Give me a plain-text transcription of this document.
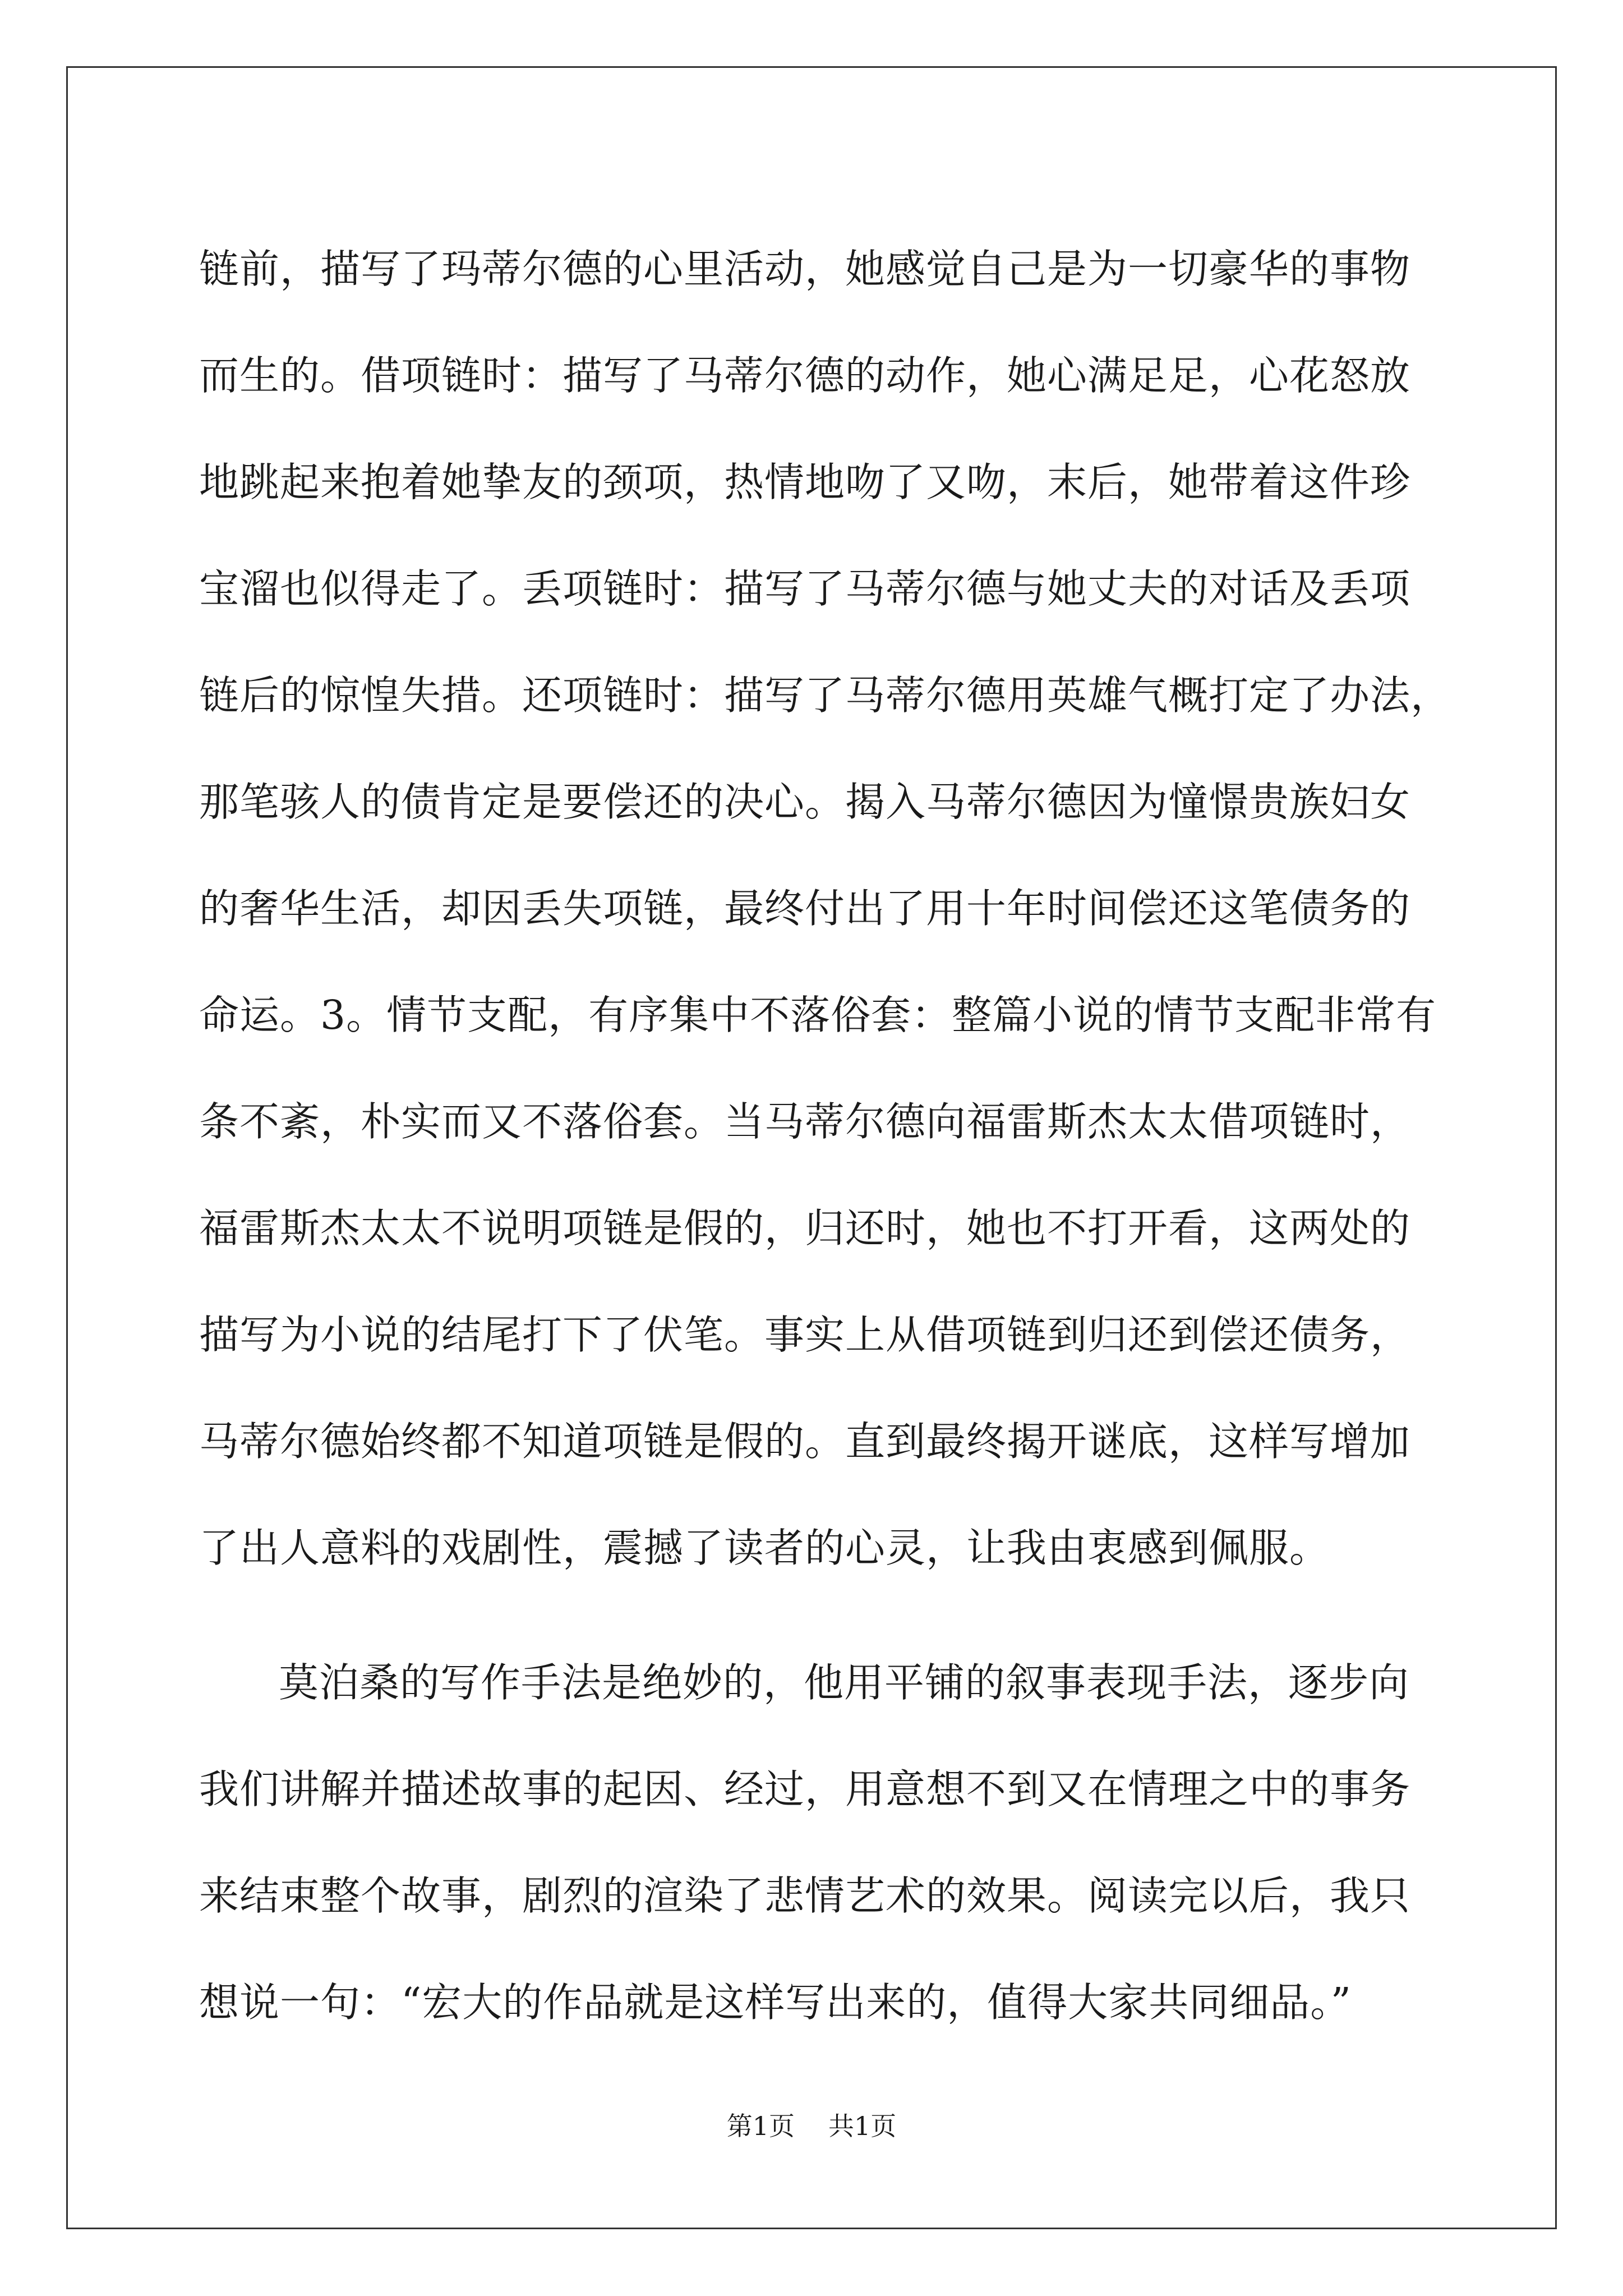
链前，描写了玛蒂尔德的心里活动，她感觉自己是为一切豪华的事物
而生的。借项链时：描写了马蒂尔德的动作，她心满足足，心花怒放
地跳起来抱着她挚友的颈项，热情地吻了又吻，末后，她带着这件珍
宝溜也似得走了。丢项链时：描写了马蒂尔德与她丈夫的对话及丢项
链后的惊惶失措。还项链时：描写了马蒂尔德用英雄气概打定了办法，
那笔骇人的债肯定是要偿还的决心。揭入马蒂尔德因为憧憬贵族妇女
的奢华生活，却因丢失项链，最终付出了用十年时间偿还这笔债务的
命运。3。情节支配，有序集中不落俗套：整篇小说的情节支配非常有
条不紊，朴实而又不落俗套。当马蒂尔德向福雷斯杰太太借项链时，
福雷斯杰太太不说明项链是假的，归还时，她也不打开看，这两处的
描写为小说的结尾打下了伏笔。事实上从借项链到归还到偿还债务，
马蒂尔德始终都不知道项链是假的。直到最终揭开谜底，这样写增加
了出人意料的戏剧性，震撼了读者的心灵，让我由衷感到佩服。
莫泊桑的写作手法是绝妙的，他用平铺的叙事表现手法，逐步向
我们讲解并描述故事的起因、经过，用意想不到又在情理之中的事务
来结束整个故事，剧烈的渲染了悲情艺术的效果。阅读完以后，我只
想说一句：“宏大的作品就是这样写出来的，值得大家共同细品。”
第1页 共1页
